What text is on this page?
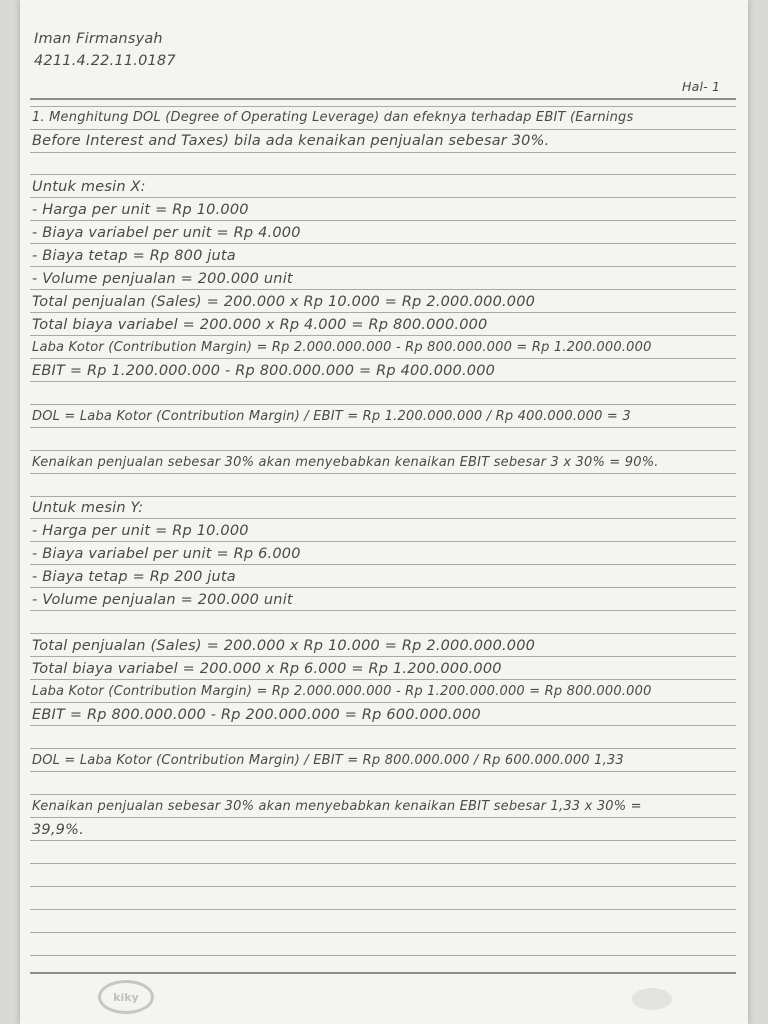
Iman Firmansyah
4211.4.22.11.0187
Hal- 1
1. Menghitung DOL (Degree of Operating Leverage) dan efeknya terhadap EBIT (Earnings
Before Interest and Taxes) bila ada kenaikan penjualan sebesar 30%.
Untuk mesin X:
- Harga per unit = Rp 10.000
- Biaya variabel per unit = Rp 4.000
- Biaya tetap = Rp 800 juta
- Volume penjualan = 200.000 unit
Total penjualan (Sales) = 200.000 x Rp 10.000 = Rp 2.000.000.000
Total biaya variabel = 200.000 x Rp 4.000 = Rp 800.000.000
Laba Kotor (Contribution Margin) = Rp 2.000.000.000 - Rp 800.000.000 = Rp 1.200.000.000
EBIT = Rp 1.200.000.000 - Rp 800.000.000 = Rp 400.000.000
DOL = Laba Kotor (Contribution Margin) / EBIT = Rp 1.200.000.000 / Rp 400.000.000 = 3
Kenaikan penjualan sebesar 30% akan menyebabkan kenaikan EBIT sebesar 3 x 30% = 90%.
Untuk mesin Y:
- Harga per unit = Rp 10.000
- Biaya variabel per unit = Rp 6.000
- Biaya tetap = Rp 200 juta
- Volume penjualan = 200.000 unit
Total penjualan (Sales) = 200.000 x Rp 10.000 = Rp 2.000.000.000
Total biaya variabel = 200.000 x Rp 6.000 = Rp 1.200.000.000
Laba Kotor (Contribution Margin) = Rp 2.000.000.000 - Rp 1.200.000.000 = Rp 800.000.000
EBIT = Rp 800.000.000 - Rp 200.000.000 = Rp 600.000.000
DOL = Laba Kotor (Contribution Margin) / EBIT = Rp 800.000.000 / Rp 600.000.000 1,33
Kenaikan penjualan sebesar 30% akan menyebabkan kenaikan EBIT sebesar 1,33 x 30% =
39,9%.
kiky
